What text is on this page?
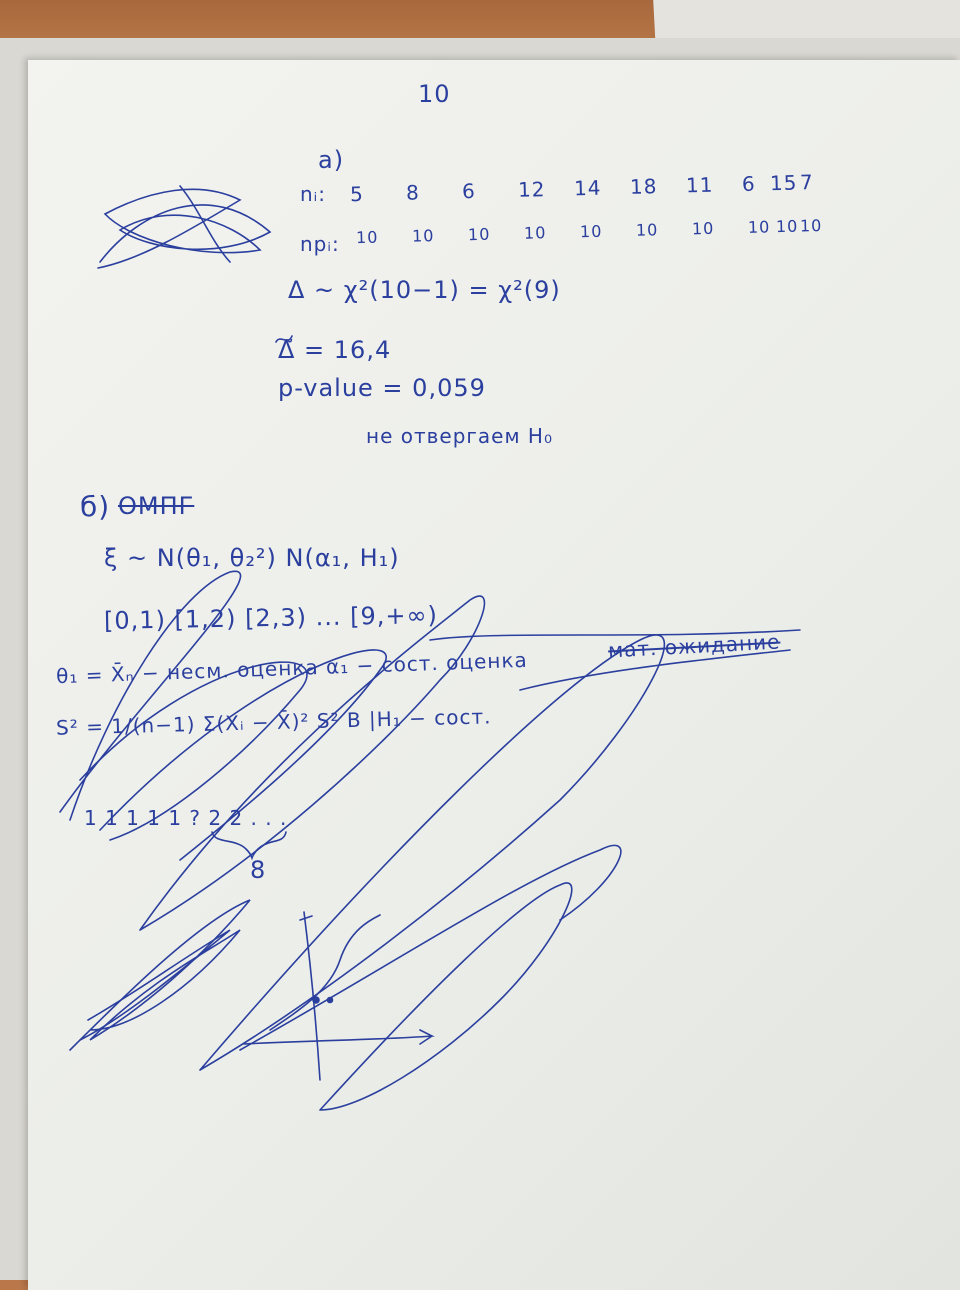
10
а)
nᵢ: 5	8	6	12	14	18	11	6 15 7
npᵢ: 10	10	10	10	10	10	10	10 10 10
Δ ~ χ²(10−1) = χ²(9)
Δ̃ = 16,4
p-value = 0,059
не отвергаем H₀
б) ОМПГ
ξ ~ N(θ₁, θ₂²) N(α₁, H₁)
[0,1) [1,2) [2,3) ... [9,+∞)
θ₁ = X̄ₙ − несм. оценка α₁ − сост. оценка
мат. ожидание
S² = 1/(n−1) Σ(Xᵢ − X̄)² S² B |H₁ − сост.
1 1 1 1 1 ? 2 2 . . .
8
